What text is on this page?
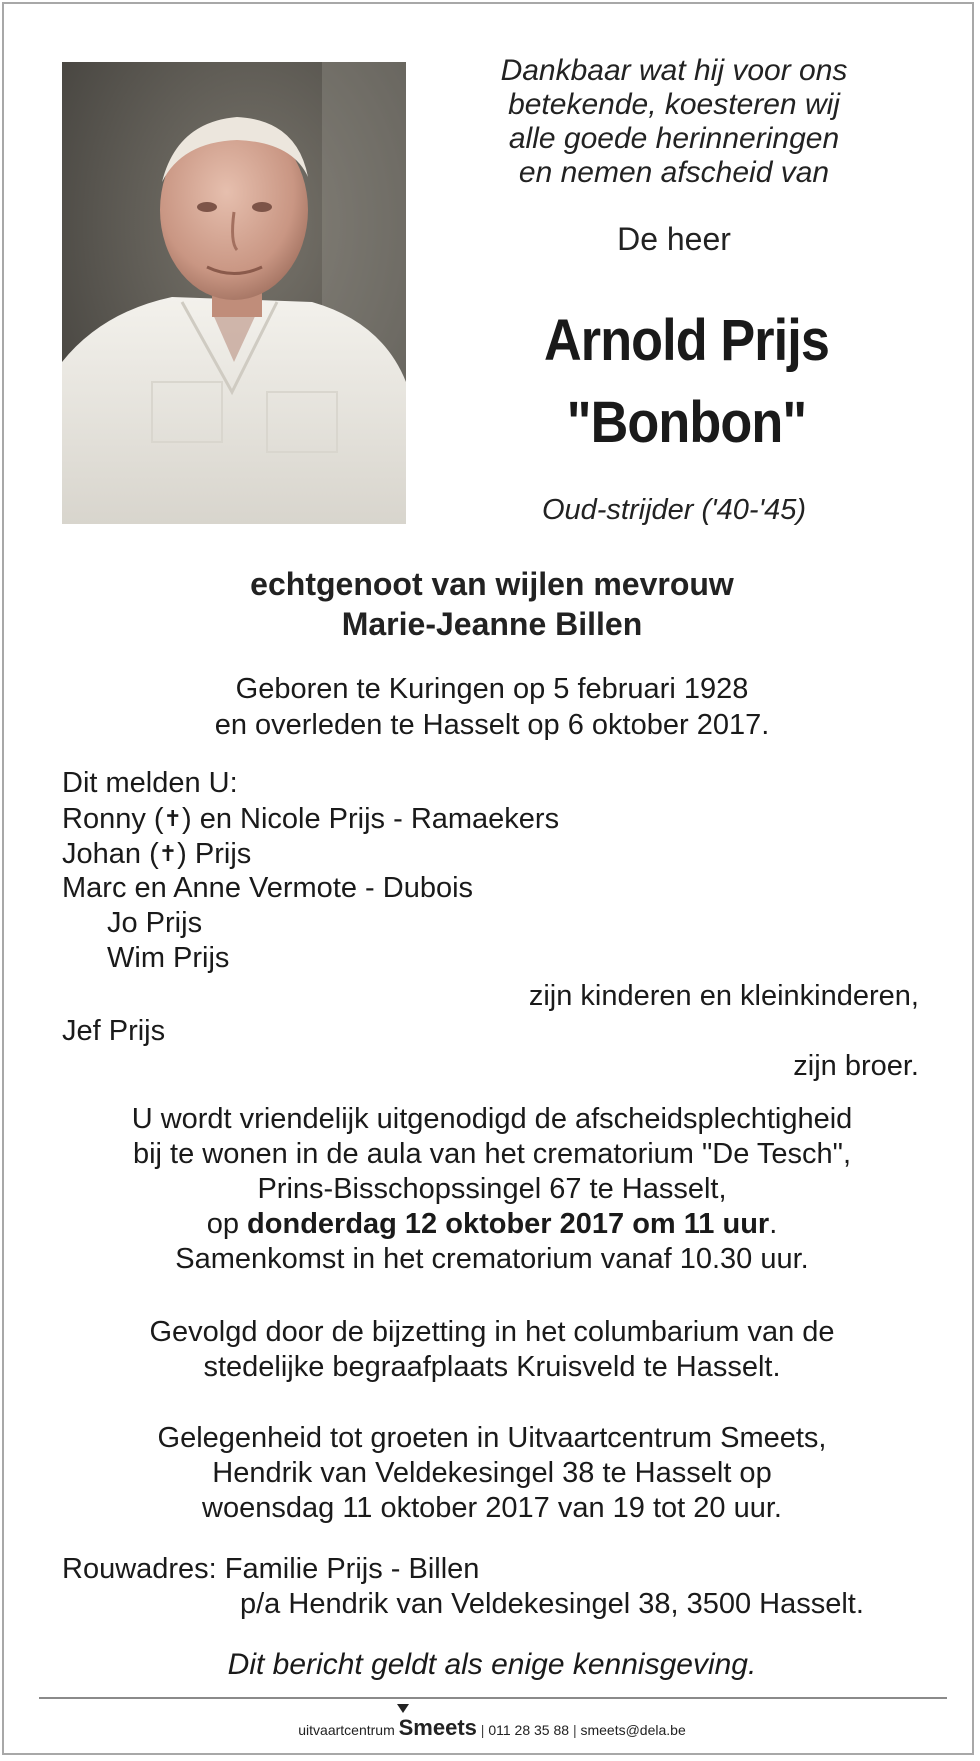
Dankbaar wat hij voor ons
betekende, koesteren wij
alle goede herinneringen
en nemen afscheid van
De heer
Arnold Prijs
"Bonbon"
Oud-strijder ('40-'45)
echtgenoot van wijlen mevrouw
Marie-Jeanne Billen
Geboren te Kuringen op 5 februari 1928
en overleden te Hasselt op 6 oktober 2017.
Dit melden U:
Ronny (✝) en Nicole Prijs - Ramaekers
Johan (✝) Prijs
Marc en Anne Vermote - Dubois
Jo Prijs
Wim Prijs
zijn kinderen en kleinkinderen,
Jef Prijs
zijn broer.
U wordt vriendelijk uitgenodigd de afscheidsplechtigheid
bij te wonen in de aula van het crematorium "De Tesch",
Prins-Bisschopssingel 67 te Hasselt,
op donderdag 12 oktober 2017 om 11 uur.
Samenkomst in het crematorium vanaf 10.30 uur.
Gevolgd door de bijzetting in het columbarium van de
stedelijke begraafplaats Kruisveld te Hasselt.
Gelegenheid tot groeten in Uitvaartcentrum Smeets,
Hendrik van Veldekesingel 38 te Hasselt op
woensdag 11 oktober 2017 van 19 tot 20 uur.
Rouwadres: Familie Prijs - Billen
p/a Hendrik van Veldekesingel 38, 3500 Hasselt.
Dit bericht geldt als enige kennisgeving.
uitvaartcentrum Smeets | 011 28 35 88 | smeets@dela.be
